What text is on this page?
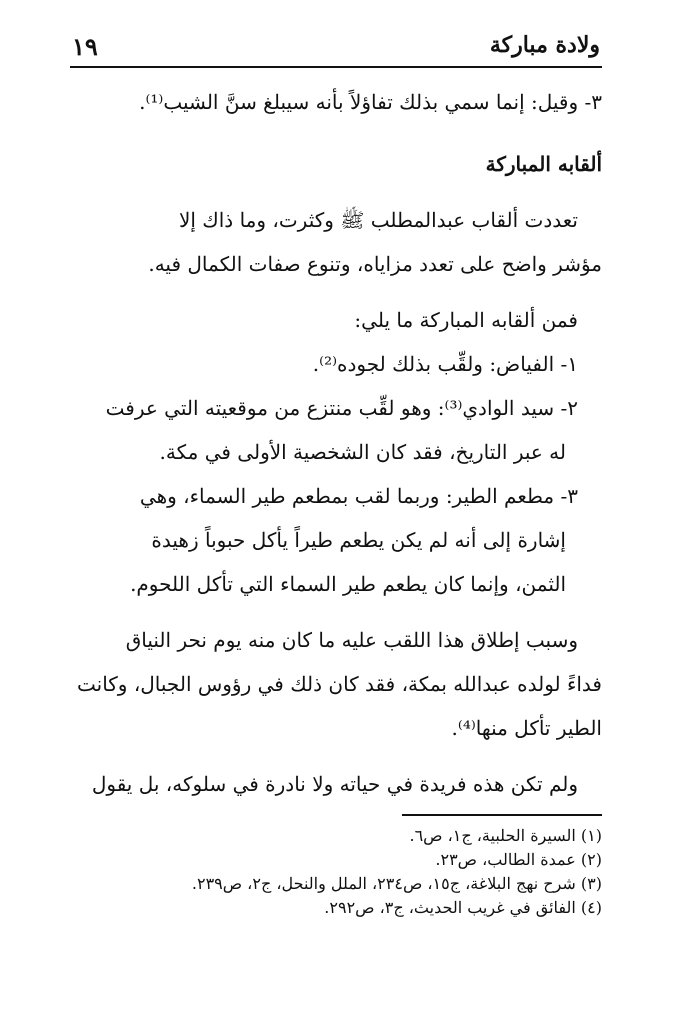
١٩	ولادة مباركة

٣- وقيل: إنما سمي بذلك تفاؤلاً بأنه سيبلغ سنَّ الشيب⁽¹⁾.

ألقابه المباركة

تعددت ألقاب عبدالمطلب ﷺ وكثرت، وما ذاك إلا

مؤشر واضح على تعدد مزاياه، وتنوع صفات الكمال فيه.

فمن ألقابه المباركة ما يلي:

١- الفياض: ولقِّب بذلك لجوده⁽²⁾.

٢- سيد الوادي⁽³⁾: وهو لقِّب منتزع من موقعيته التي عرفت

له عبر التاريخ، فقد كان الشخصية الأولى في مكة.

٣- مطعم الطير: وربما لقب بمطعم طير السماء، وهي

إشارة إلى أنه لم يكن يطعم طيراً يأكل حبوباً زهيدة

الثمن، وإنما كان يطعم طير السماء التي تأكل اللحوم.

وسبب إطلاق هذا اللقب عليه ما كان منه يوم نحر النياق

فداءً لولده عبدالله بمكة، فقد كان ذلك في رؤوس الجبال، وكانت

الطير تأكل منها⁽⁴⁾.

ولم تكن هذه فريدة في حياته ولا نادرة في سلوكه، بل يقول

(١) السيرة الحلبية، ج١، ص٦.
(٢) عمدة الطالب، ص٢٣.
(٣) شرح نهج البلاغة، ج١٥، ص٢٣٤، الملل والنحل، ج٢، ص٢٣٩.
(٤) الفائق في غريب الحديث، ج٣، ص٢٩٢.
